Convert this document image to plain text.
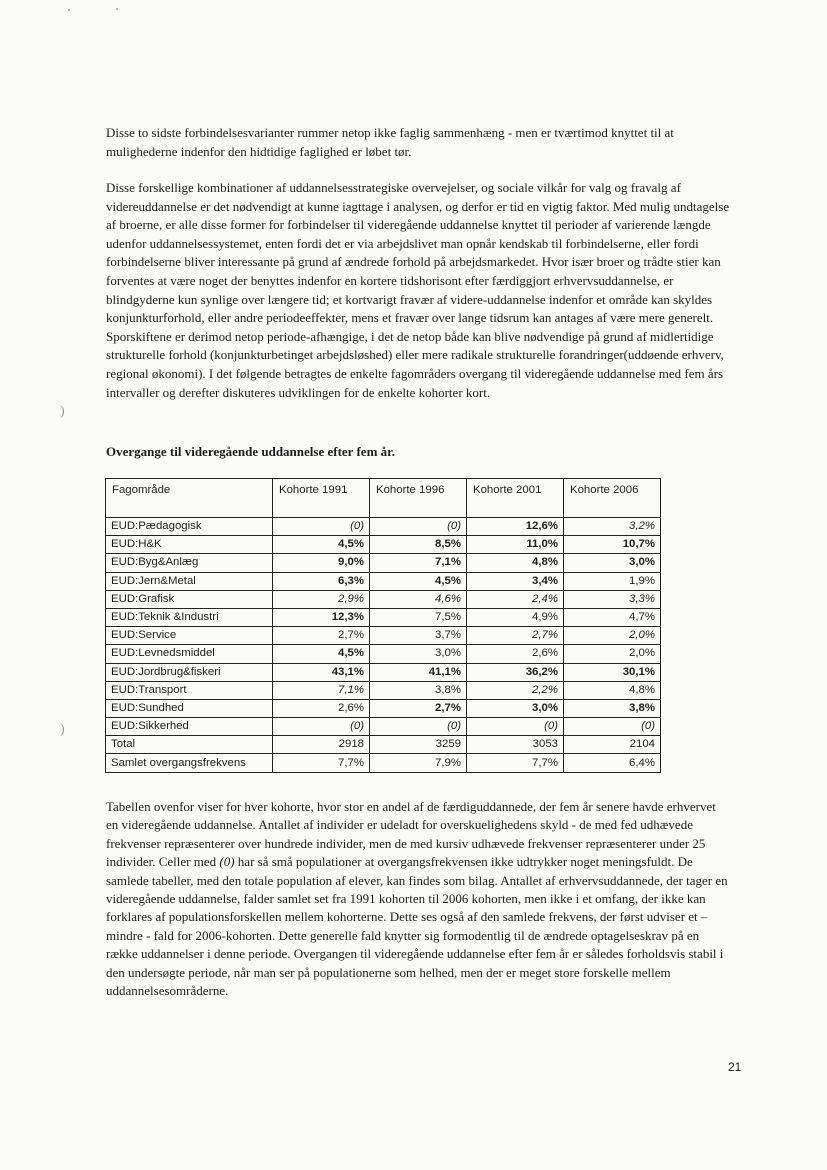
Disse to sidste forbindelsesvarianter rummer netop ikke faglig sammenhæng - men er tværtimod knyttet til at mulighederne indenfor den hidtidige faglighed er løbet tør.

Disse forskellige kombinationer af uddannelsesstrategiske overvejelser, og sociale vilkår for valg og fravalg af videreuddannelse er det nødvendigt at kunne iagttage i analysen, og derfor er tid en vigtig faktor. Med mulig undtagelse af broerne, er alle disse former for forbindelser til videregående uddannelse knyttet til perioder af varierende længde udenfor uddannelsessystemet, enten fordi det er via arbejdslivet man opnår kendskab til forbindelserne, eller fordi forbindelserne bliver interessante på grund af ændrede forhold på arbejdsmarkedet. Hvor især broer og trådte stier kan forventes at være noget der benyttes indenfor en kortere tidshorisont efter færdiggjort erhvervsuddannelse, er blindgyderne kun synlige over længere tid; et kortvarigt fravær af videre-uddannelse indenfor et område kan skyldes konjunkturforhold, eller andre periodeeffekter, mens et fravær over lange tidsrum kan antages af være mere generelt. Sporskiftene er derimod netop periode-afhængige, i det de netop både kan blive nødvendige på grund af midlertidige strukturelle forhold (konjunkturbetinget arbejdsløshed) eller mere radikale strukturelle forandringer(uddøende erhverv, regional økonomi). I det følgende betragtes de enkelte fagområders overgang til videregående uddannelse med fem års intervaller og derefter diskuteres udviklingen for de enkelte kohorter kort.

)

Overgange til videregående uddannelse efter fem år.

Fagområde	Kohorte 1991	Kohorte 1996	Kohorte 2001	Kohorte 2006
EUD:Pædagogisk	(0)	(0)	12,6%	3,2%
EUD:H&K	4,5%	8,5%	11,0%	10,7%
EUD:Byg&Anlæg	9,0%	7,1%	4,8%	3,0%
EUD:Jern&Metal	6,3%	4,5%	3,4%	1,9%
EUD:Grafisk	2,9%	4,6%	2,4%	3,3%
EUD:Teknik &Industri	12,3%	7,5%	4,9%	4,7%
EUD:Service	2,7%	3,7%	2,7%	2,0%
EUD:Levnedsmiddel	4,5%	3,0%	2,6%	2,0%
EUD:Jordbrug&fiskeri	43,1%	41,1%	36,2%	30,1%
EUD:Transport	7,1%	3,8%	2,2%	4,8%
EUD:Sundhed	2,6%	2,7%	3,0%	3,8%
EUD:Sikkerhed	(0)	(0)	(0)	(0)
Total	2918	3259	3053	2104
Samlet overgangsfrekvens	7,7%	7,9%	7,7%	6,4%
)

Tabellen ovenfor viser for hver kohorte, hvor stor en andel af de færdiguddannede, der fem år senere havde erhvervet en videregående uddannelse. Antallet af individer er udeladt for overskuelighedens skyld - de med fed udhævede frekvenser repræsenterer over hundrede individer, men de med kursiv udhævede frekvenser repræsenterer under 25 individer. Celler med (0) har så små populationer at overgangsfrekvensen ikke udtrykker noget meningsfuldt. De samlede tabeller, med den totale population af elever, kan findes som bilag. Antallet af erhvervsuddannede, der tager en videregående uddannelse, falder samlet set fra 1991 kohorten til 2006 kohorten, men ikke i et omfang, der ikke kan forklares af populationsforskellen mellem kohorterne. Dette ses også af den samlede frekvens, der først udviser et – mindre - fald for 2006-kohorten. Dette generelle fald knytter sig formodentlig til de ændrede optagelseskrav på en række uddannelser i denne periode. Overgangen til videregående uddannelse efter fem år er således forholdsvis stabil i den undersøgte periode, når man ser på populationerne som helhed, men der er meget store forskelle mellem uddannelsesområderne.

21
